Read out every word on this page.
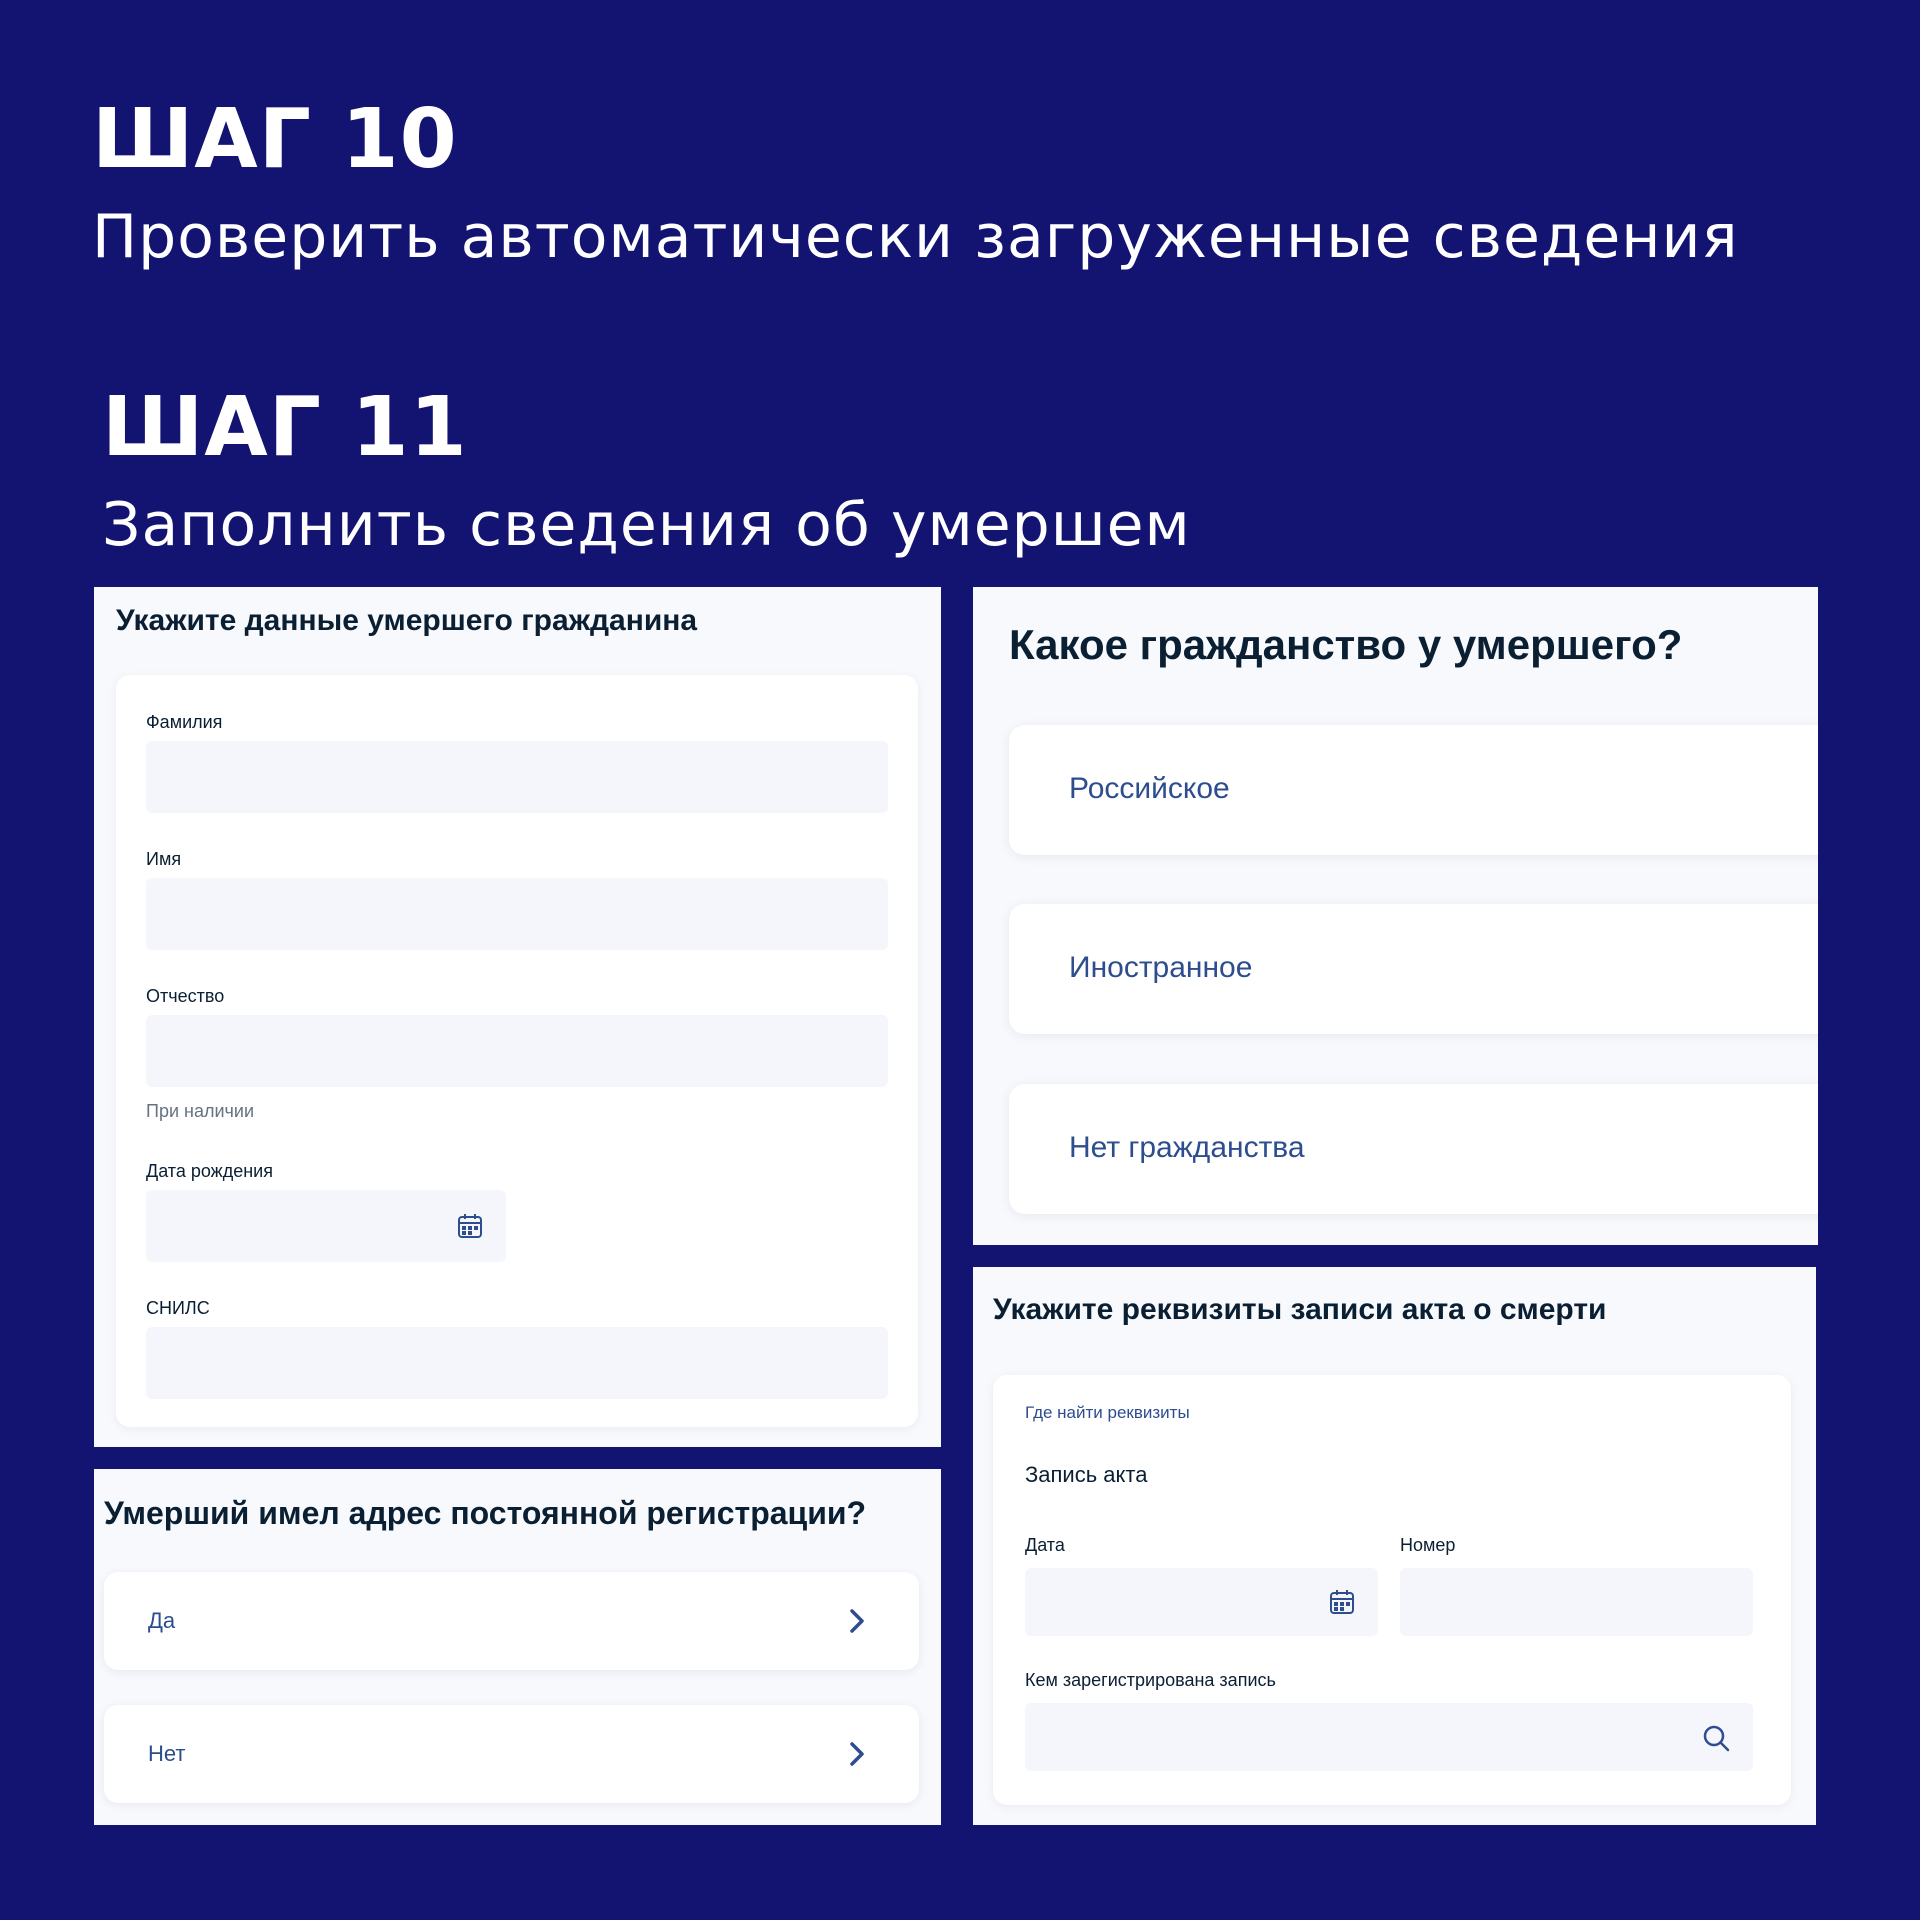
ШАГ 10
Проверить автоматически загруженные сведения
ШАГ 11
Заполнить сведения об умершем
Укажите данные умершего гражданина
Фамилия
Имя
Отчество
При наличии
Дата рождения
СНИЛС
Какое гражданство у умершего?
Российское
Иностранное
Нет гражданства
Умерший имел адрес постоянной регистрации?
Да
Нет
Укажите реквизиты записи акта о смерти
Где найти реквизиты
Запись акта
Дата	Номер
Кем зарегистрирована запись
